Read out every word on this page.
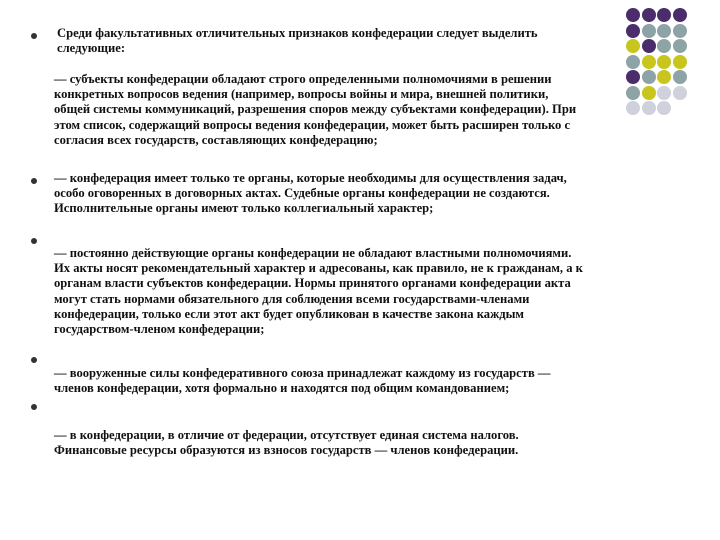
Среди факультативных отличительных признаков конфедерации следует выделить
следующие:

— субъекты конфедерации обладают строго определенными полномочиями в решении
конкретных вопросов ведения (например, вопросы войны и мира, внешней политики,
общей системы коммуникаций, разрешения споров между субъектами конфедерации). При
этом список, содержащий вопросы ведения конфедерации, может быть расширен только с
согласия всех государств, составляющих конфедерацию;

— конфедерация имеет только те органы, которые необходимы для осуществления задач,
особо оговоренных в договорных актах. Судебные органы конфедерации не создаются.
Исполнительные органы имеют только коллегиальный характер;

— постоянно действующие органы конфедерации не обладают властными полномочиями.
Их акты носят рекомендательный характер и адресованы, как правило, не к гражданам, а к
органам власти субъектов конфедерации. Нормы принятого органами конфедерации акта
могут стать нормами обязательного для соблюдения всеми государствами-членами
конфедерации, только если этот акт будет опубликован в качестве закона каждым
государством-членом конфедерации;

— вооруженные силы конфедеративного союза принадлежат каждому из государств —
членов конфедерации, хотя формально и находятся под общим командованием;

— в конфедерации, в отличие от федерации, отсутствует единая система налогов.
Финансовые ресурсы образуются из взносов государств — членов конфедерации.
